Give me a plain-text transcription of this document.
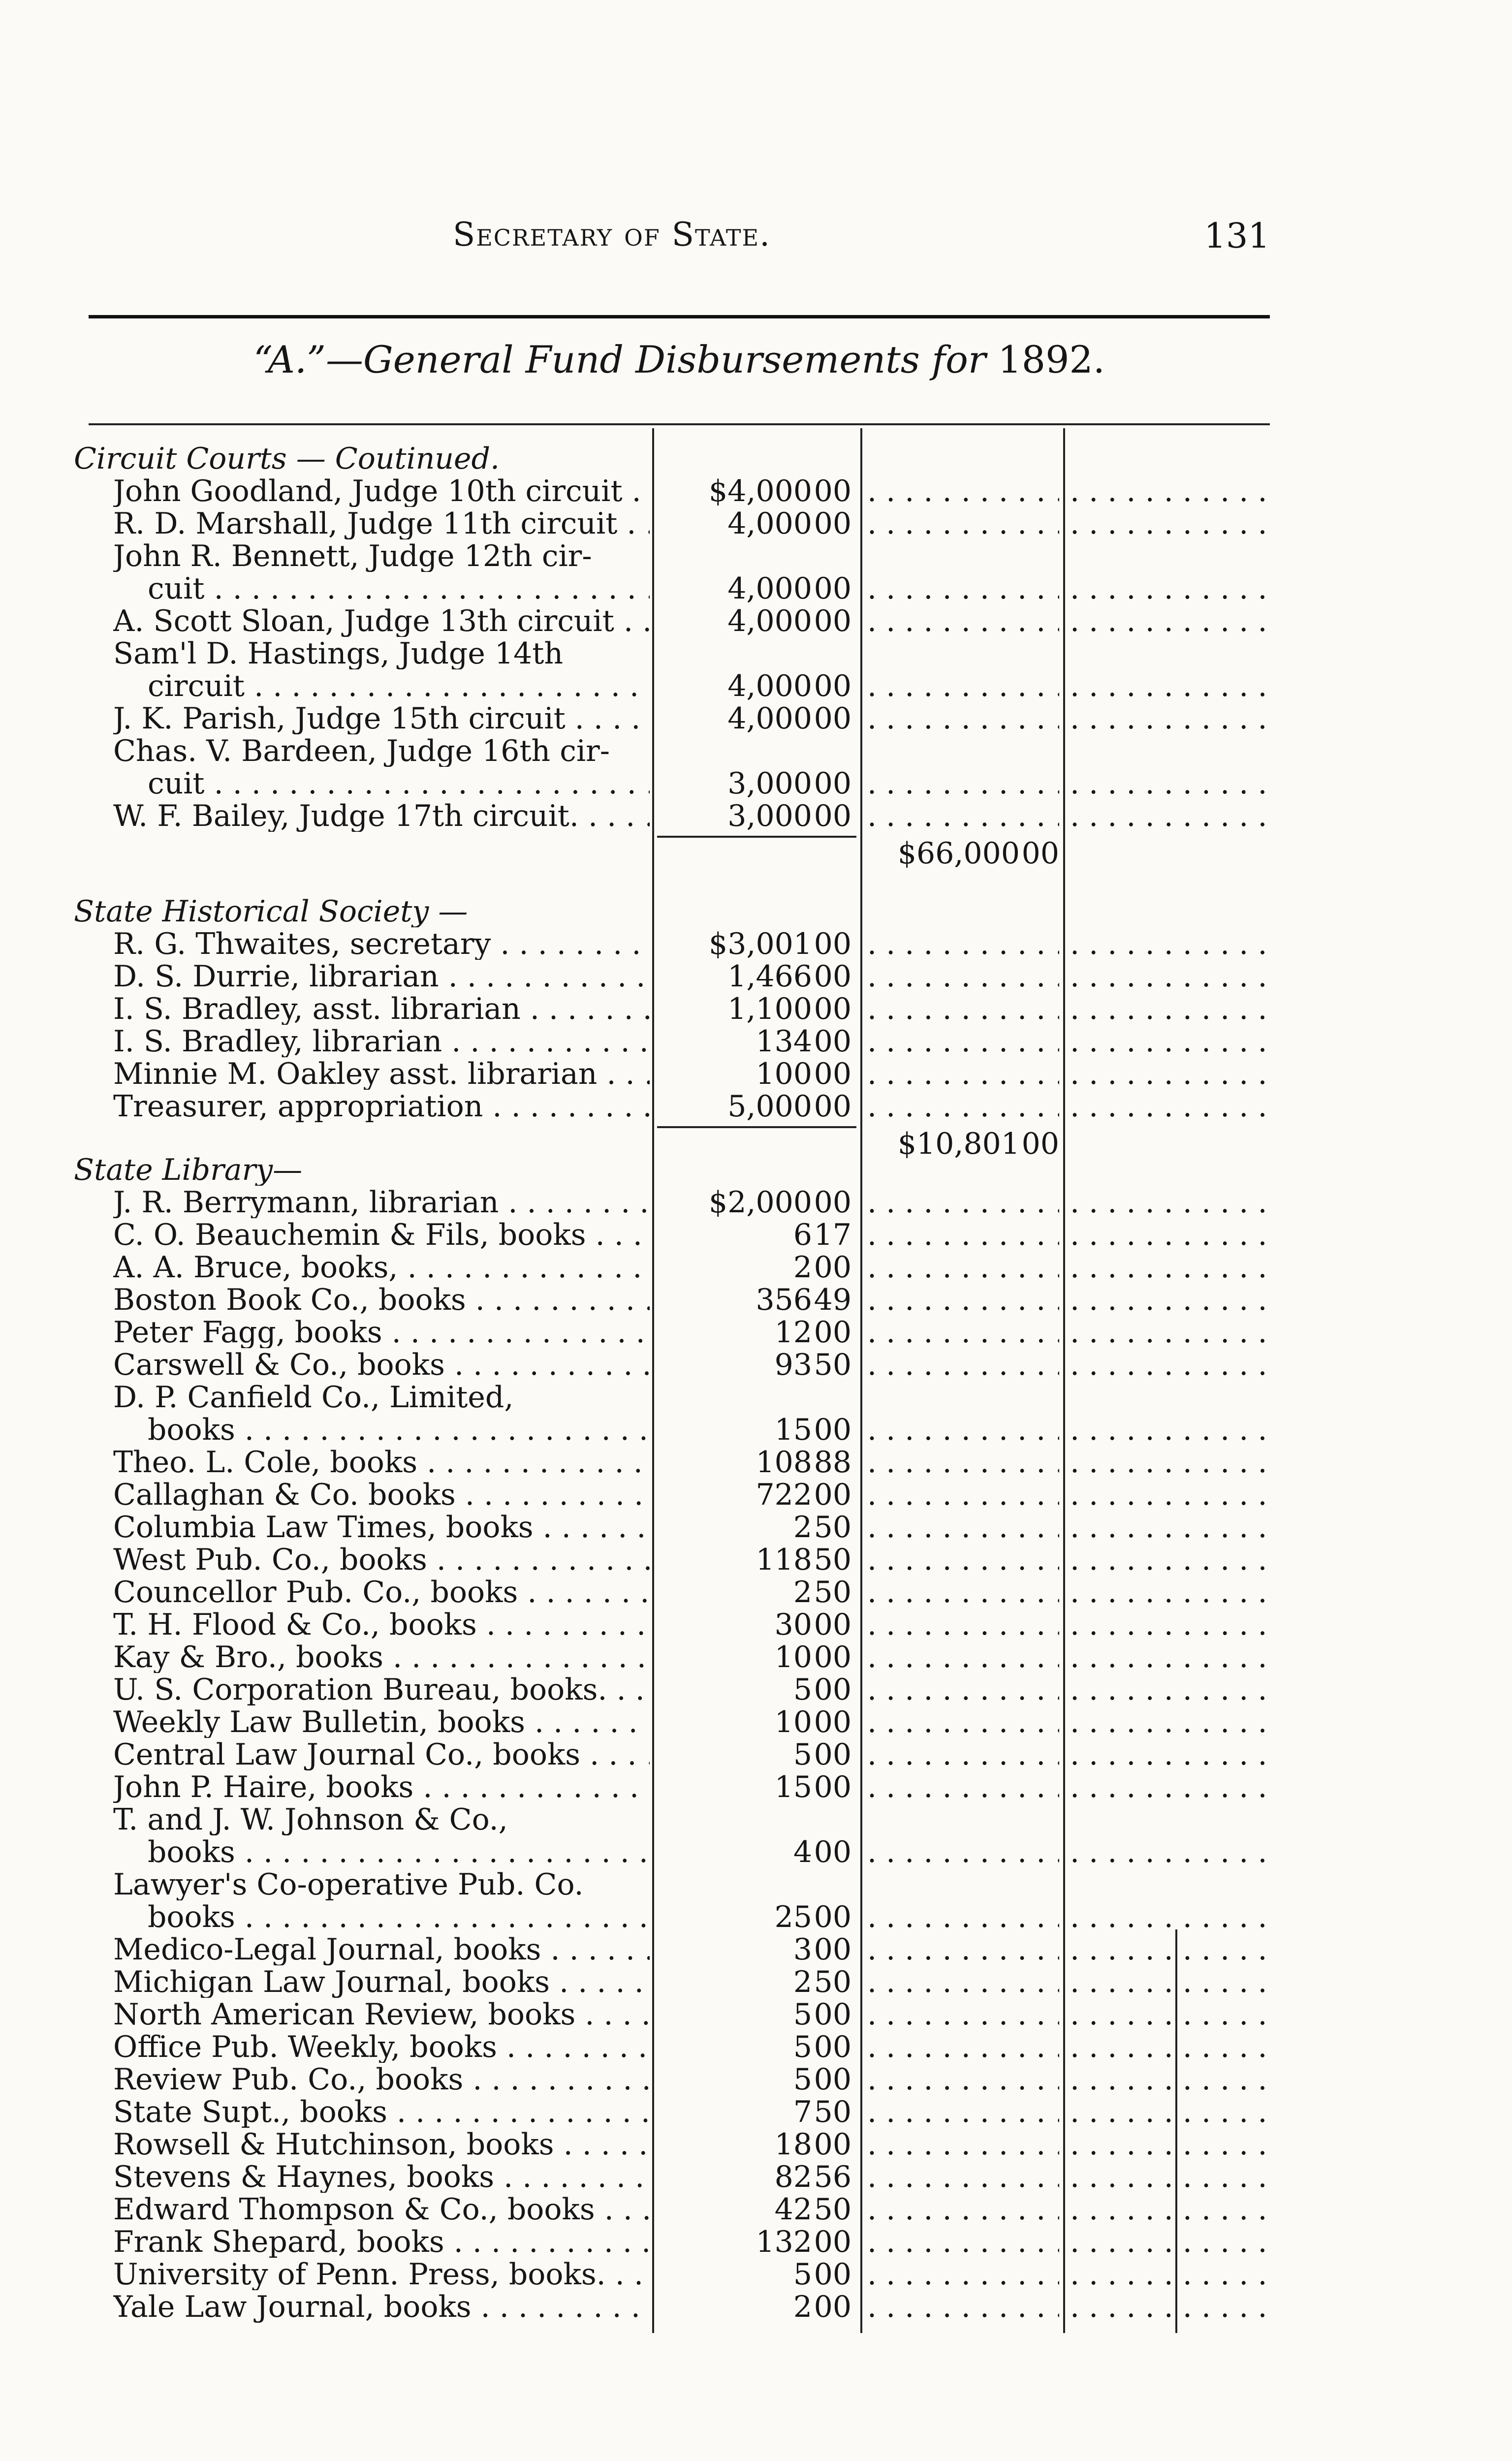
Secretary of State.	131
“A.”—General Fund Disbursements for 1892.
Circuit Courts — Coutinued.
John Goodland, Judge 10th circuit . . .	$4,00000
. . .
. . .
R. D. Marshall, Judge 11th circuit . . .	4,00000
. . .
. . .
John R. Bennett, Judge 12th cir-
cuit . . .	4,00000
. . .
. . .
A. Scott Sloan, Judge 13th circuit . . .	4,00000
. . .
. . .
Sam'l D. Hastings, Judge 14th
circuit . . .	4,00000
. . .
. . .
J. K. Parish, Judge 15th circuit . . .	4,00000
. . .
. . .
Chas. V. Bardeen, Judge 16th cir-
cuit . . .	3,00000
. . .
. . .
W. F. Bailey, Judge 17th circuit. . . .	3,00000
. . .
. . .
$66,00000
State Historical Society —
R. G. Thwaites, secretary . . .	$3,00100
. . .
. . .
D. S. Durrie, librarian . . .	1,46600
. . .
. . .
I. S. Bradley, asst. librarian . . .	1,10000
. . .
. . .
I. S. Bradley, librarian . . .	13400
. . .
. . .
Minnie M. Oakley asst. librarian . . .	10000
. . .
. . .
Treasurer, appropriation . . .	5,00000
. . .
. . .
$10,80100
State Library—
J. R. Berrymann, librarian . . .	$2,00000
. . .
. . .
C. O. Beauchemin & Fils, books . . .	617
. . .
. . .
A. A. Bruce, books, . . .	200
. . .
. . .
Boston Book Co., books . . .	35649
. . .
. . .
Peter Fagg, books . . .	1200
. . .
. . .
Carswell & Co., books . . .	9350
. . .
. . .
D. P. Canfield Co., Limited,
books . . .	1500
. . .
. . .
Theo. L. Cole, books . . .	10888
. . .
. . .
Callaghan & Co. books . . .	72200
. . .
. . .
Columbia Law Times, books . . .	250
. . .
. . .
West Pub. Co., books . . .	11850
. . .
. . .
Councellor Pub. Co., books . . .	250
. . .
. . .
T. H. Flood & Co., books . . .	3000
. . .
. . .
Kay & Bro., books . . .	1000
. . .
. . .
U. S. Corporation Bureau, books. . . .	500
. . .
. . .
Weekly Law Bulletin, books . . .	1000
. . .
. . .
Central Law Journal Co., books . . .	500
. . .
. . .
John P. Haire, books . . .	1500
. . .
. . .
T. and J. W. Johnson & Co.,
books . . .	400
. . .
. . .
Lawyer's Co-operative Pub. Co.
books . . .	2500
. . .
. . .
Medico-Legal Journal, books . . .	300
. . .
. . .
Michigan Law Journal, books . . .	250
. . .
. . .
North American Review, books . . .	500
. . .
. . .
Office Pub. Weekly, books . . .	500
. . .
. . .
Review Pub. Co., books . . .	500
. . .
. . .
State Supt., books . . .	750
. . .
. . .
Rowsell & Hutchinson, books . . .	1800
. . .
. . .
Stevens & Haynes, books . . .	8256
. . .
. . .
Edward Thompson & Co., books . . .	4250
. . .
. . .
Frank Shepard, books . . .	13200
. . .
. . .
University of Penn. Press, books. . . .	500
. . .
. . .
Yale Law Journal, books . . .	200
. . .
. . .
